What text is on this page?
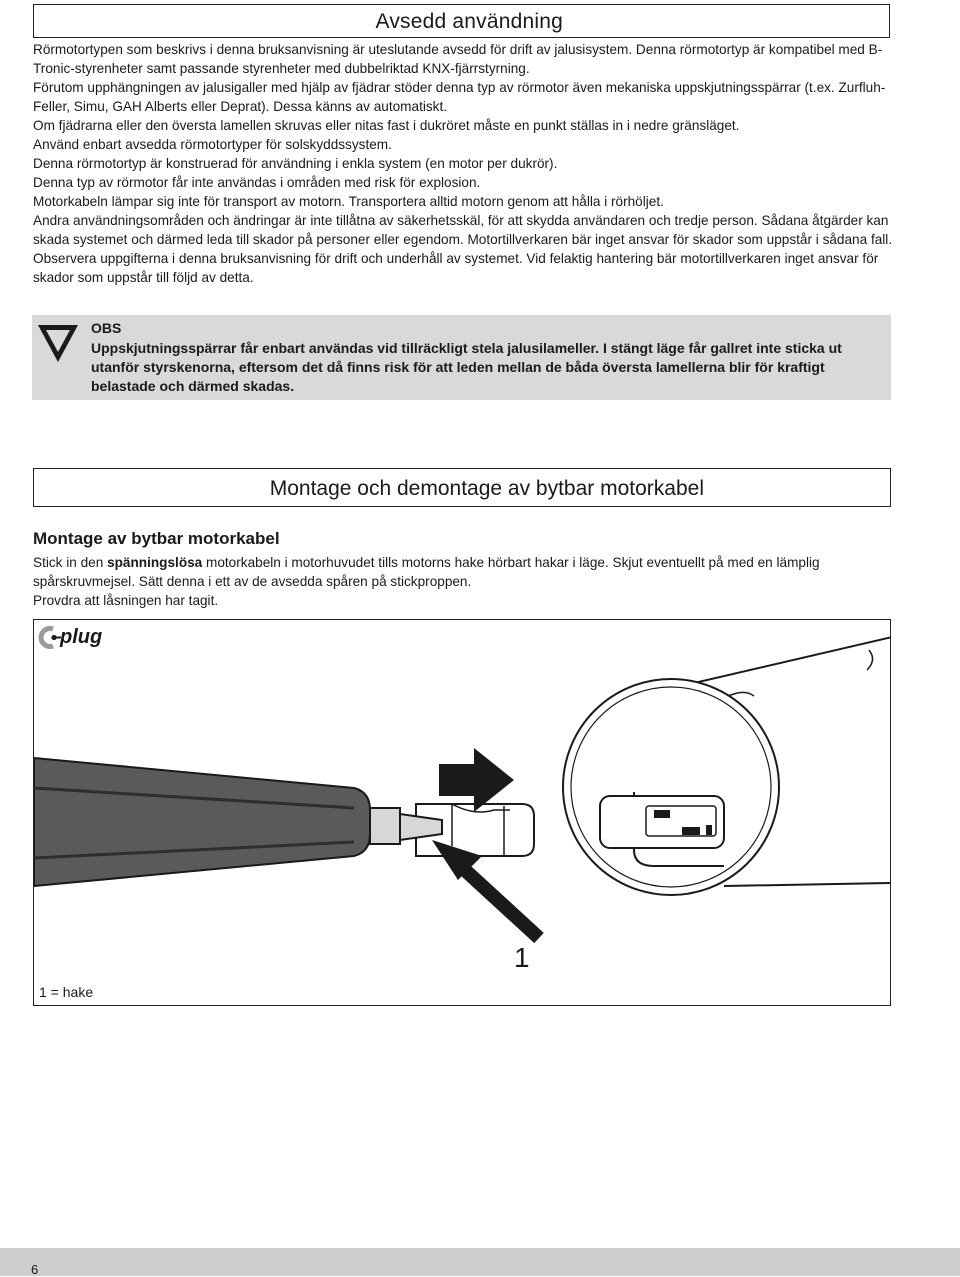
Avsedd användning

Rörmotortypen som beskrivs i denna bruksanvisning är uteslutande avsedd för drift av jalusisystem. Denna rörmotortyp är kompatibel med B-Tronic-styrenheter samt passande styrenheter med dubbelriktad KNX-fjärrstyrning.

Förutom upphängningen av jalusigaller med hjälp av fjädrar stöder denna typ av rörmotor även mekaniska uppskjutningsspärrar (t.ex. Zurfluh-Feller, Simu, GAH Alberts eller Deprat). Dessa känns av automatiskt.

Om fjädrarna eller den översta lamellen skruvas eller nitas fast i dukröret måste en punkt ställas in i nedre gränsläget.

Använd enbart avsedda rörmotortyper för solskyddssystem.

Denna rörmotortyp är konstruerad för användning i enkla system (en motor per dukrör).

Denna typ av rörmotor får inte användas i områden med risk för explosion.

Motorkabeln lämpar sig inte för transport av motorn. Transportera alltid motorn genom att hålla i rörhöljet.

Andra användningsområden och ändringar är inte tillåtna av säkerhetsskäl, för att skydda användaren och tredje person. Sådana åtgärder kan skada systemet och därmed leda till skador på personer eller egendom. Motortillverkaren bär inget ansvar för skador som uppstår i sådana fall.

Observera uppgifterna i denna bruksanvisning för drift och underhåll av systemet. Vid felaktig hantering bär motortillverkaren inget ansvar för skador som uppstår till följd av detta.

OBS
Uppskjutningsspärrar får enbart användas vid tillräckligt stela jalusilameller. I stängt läge får gallret inte sticka ut utanför styrskenorna, eftersom det då finns risk för att leden mellan de båda översta lamellerna blir för kraftigt belastade och därmed skadas.
Montage och demontage av bytbar motorkabel
Montage av bytbar motorkabel

Stick in den spänningslösa motorkabeln i motorhuvudet tills motorns hake hörbart hakar i läge. Skjut eventuellt på med en lämplig spårskruvmejsel. Sätt denna i ett av de avsedda spåren på stickproppen.

Provdra att låsningen har tagit.

plug
1
1 = hake
6
